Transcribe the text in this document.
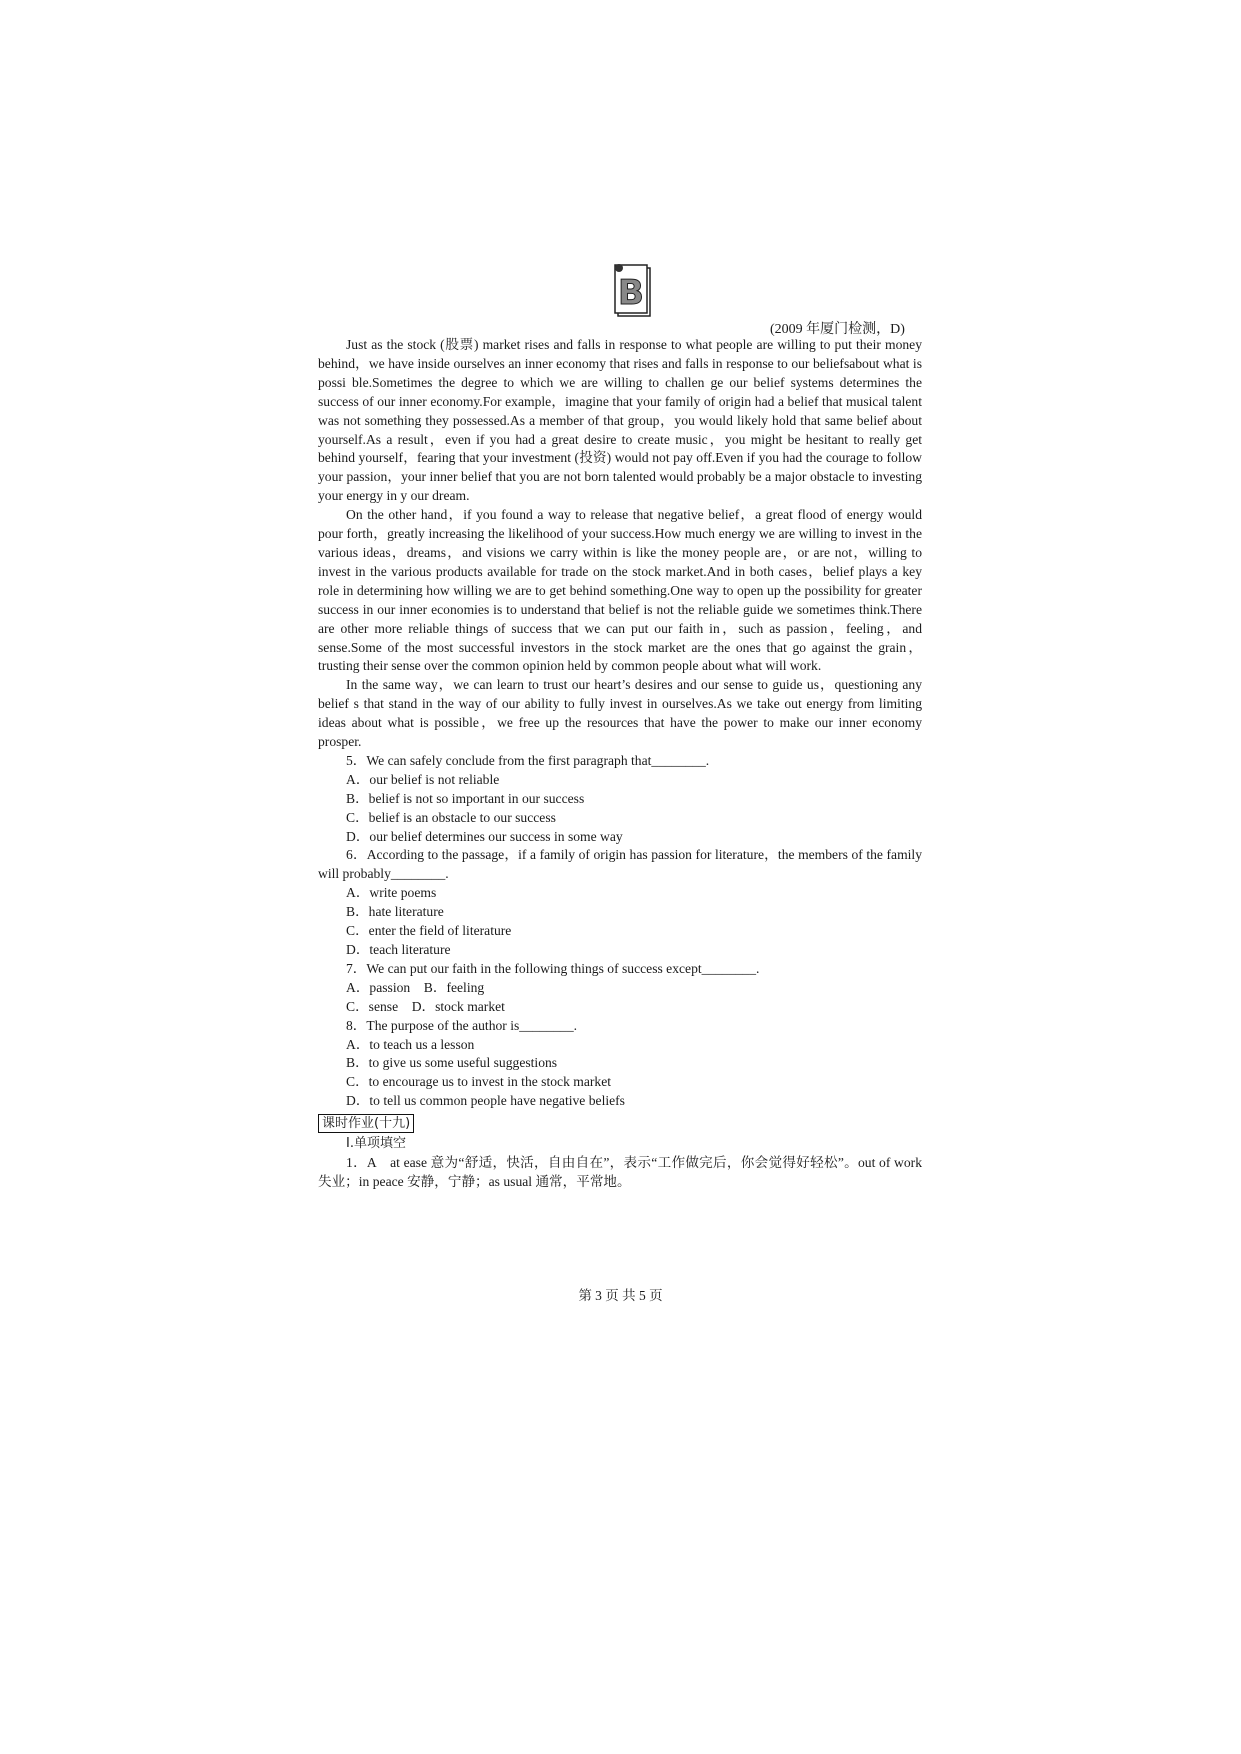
B
(2009 年厦门检测，D)

Just as the stock (股票) market rises and falls in response to what people are willing to put their money behind，we have inside ourselves an inner economy that rises and falls in response to our beliefsabout what is possi ble.Sometimes the degree to which we are willing to challen ge our belief systems determines the success of our inner economy.For example，imagine that your family of origin had a belief that musical talent was not something they possessed.As a member of that group，you would likely hold that same belief about yourself.As a result，even if you had a great desire to create music，you might be hesitant to really get behind yourself，fearing that your investment (投资) would not pay off.Even if you had the courage to follow your passion，your inner belief that you are not born talented would probably be a major obstacle to investing your energy in y our dream.

On the other hand，if you found a way to release that negative belief，a great flood of energy would pour forth，greatly increasing the likelihood of your success.How much energy we are willing to invest in the various ideas，dreams，and visions we carry within is like the money people are，or are not，willing to invest in the various products available for trade on the stock market.And in both cases，belief plays a key role in determining how willing we are to get behind something.One way to open up the possibility for greater success in our inner economies is to understand that belief is not the reliable guide we sometimes think.There are other more reliable things of success that we can put our faith in，such as passion，feeling，and sense.Some of the most successful investors in the stock market are the ones that go against the grain，trusting their sense over the common opinion held by common people about what will work.

In the same way，we can learn to trust our heart’s desires and our sense to guide us，questioning any belief s that stand in the way of our ability to fully invest in ourselves.As we take out energy from limiting ideas about what is possible，we free up the resources that have the power to make our inner economy prosper.

5．We can safely conclude from the first paragraph that________.

A．our belief is not reliable

B．belief is not so important in our success

C．belief is an obstacle to our success

D．our belief determines our success in some way

6．According to the passage，if a family of origin has passion for literature，the members of the family will probably________.

A．write poems

B．hate literature

C．enter the field of literature

D．teach literature

7．We can put our faith in the following things of success except________.

A．passion　B．feeling

C．sense　D．stock market

8．The purpose of the author is________.

A．to teach us a lesson

B．to give us some useful suggestions

C．to encourage us to invest in the stock market

D．to tell us common people have negative beliefs

课时作业(十九)

Ⅰ.单项填空

1．A　at ease 意为“舒适，快活，自由自在”，表示“工作做完后，你会觉得好轻松”。out of work 失业；in peace 安静，宁静；as usual 通常，平常地。

第 3 页 共 5 页
